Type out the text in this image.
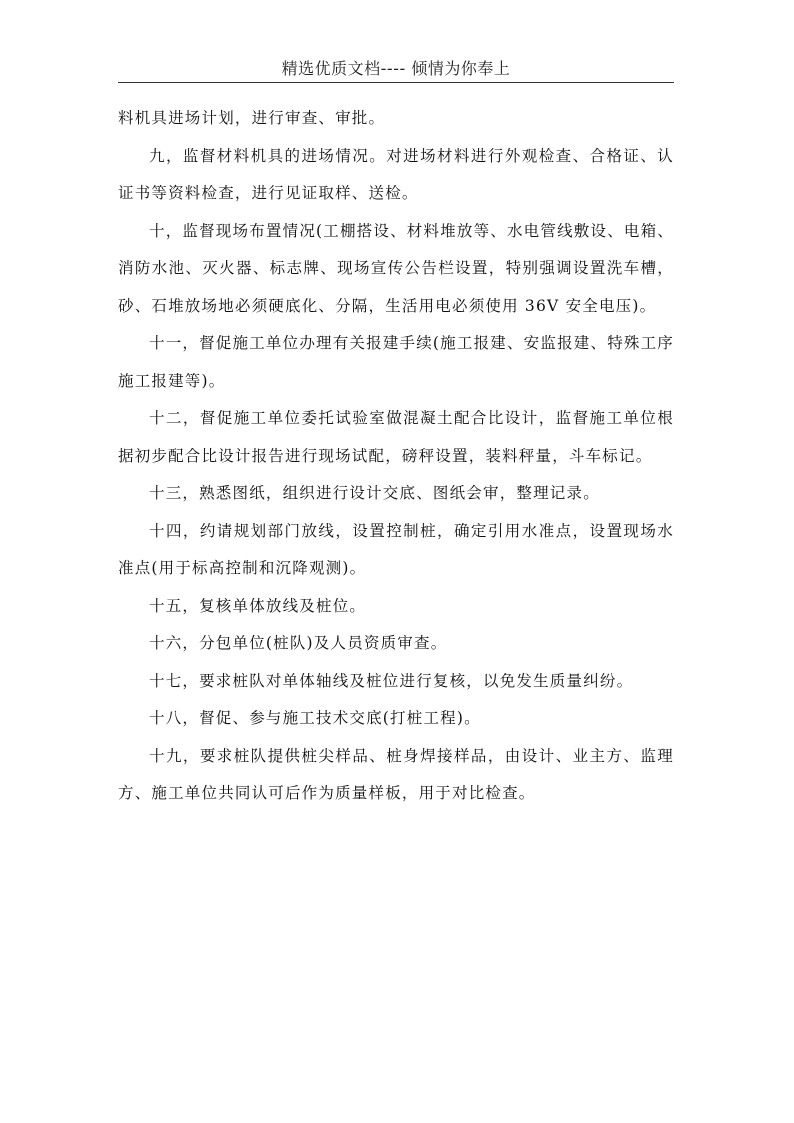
精选优质文档---- 倾情为你奉上

料机具进场计划，进行审查、审批。

九，监督材料机具的进场情况。对进场材料进行外观检查、合格证、认证书等资料检查，进行见证取样、送检。

十，监督现场布置情况(工棚搭设、材料堆放等、水电管线敷设、电箱、消防水池、灭火器、标志牌、现场宣传公告栏设置，特别强调设置洗车槽，砂、石堆放场地必须硬底化、分隔，生活用电必须使用 36V 安全电压)。

十一，督促施工单位办理有关报建手续(施工报建、安监报建、特殊工序施工报建等)。

十二，督促施工单位委托试验室做混凝土配合比设计，监督施工单位根据初步配合比设计报告进行现场试配，磅秤设置，装料秤量，斗车标记。

十三，熟悉图纸，组织进行设计交底、图纸会审，整理记录。

十四，约请规划部门放线，设置控制桩，确定引用水准点，设置现场水准点(用于标高控制和沉降观测)。

十五，复核单体放线及桩位。

十六，分包单位(桩队)及人员资质审查。

十七，要求桩队对单体轴线及桩位进行复核，以免发生质量纠纷。

十八，督促、参与施工技术交底(打桩工程)。

十九，要求桩队提供桩尖样品、桩身焊接样品，由设计、业主方、监理方、施工单位共同认可后作为质量样板，用于对比检查。
